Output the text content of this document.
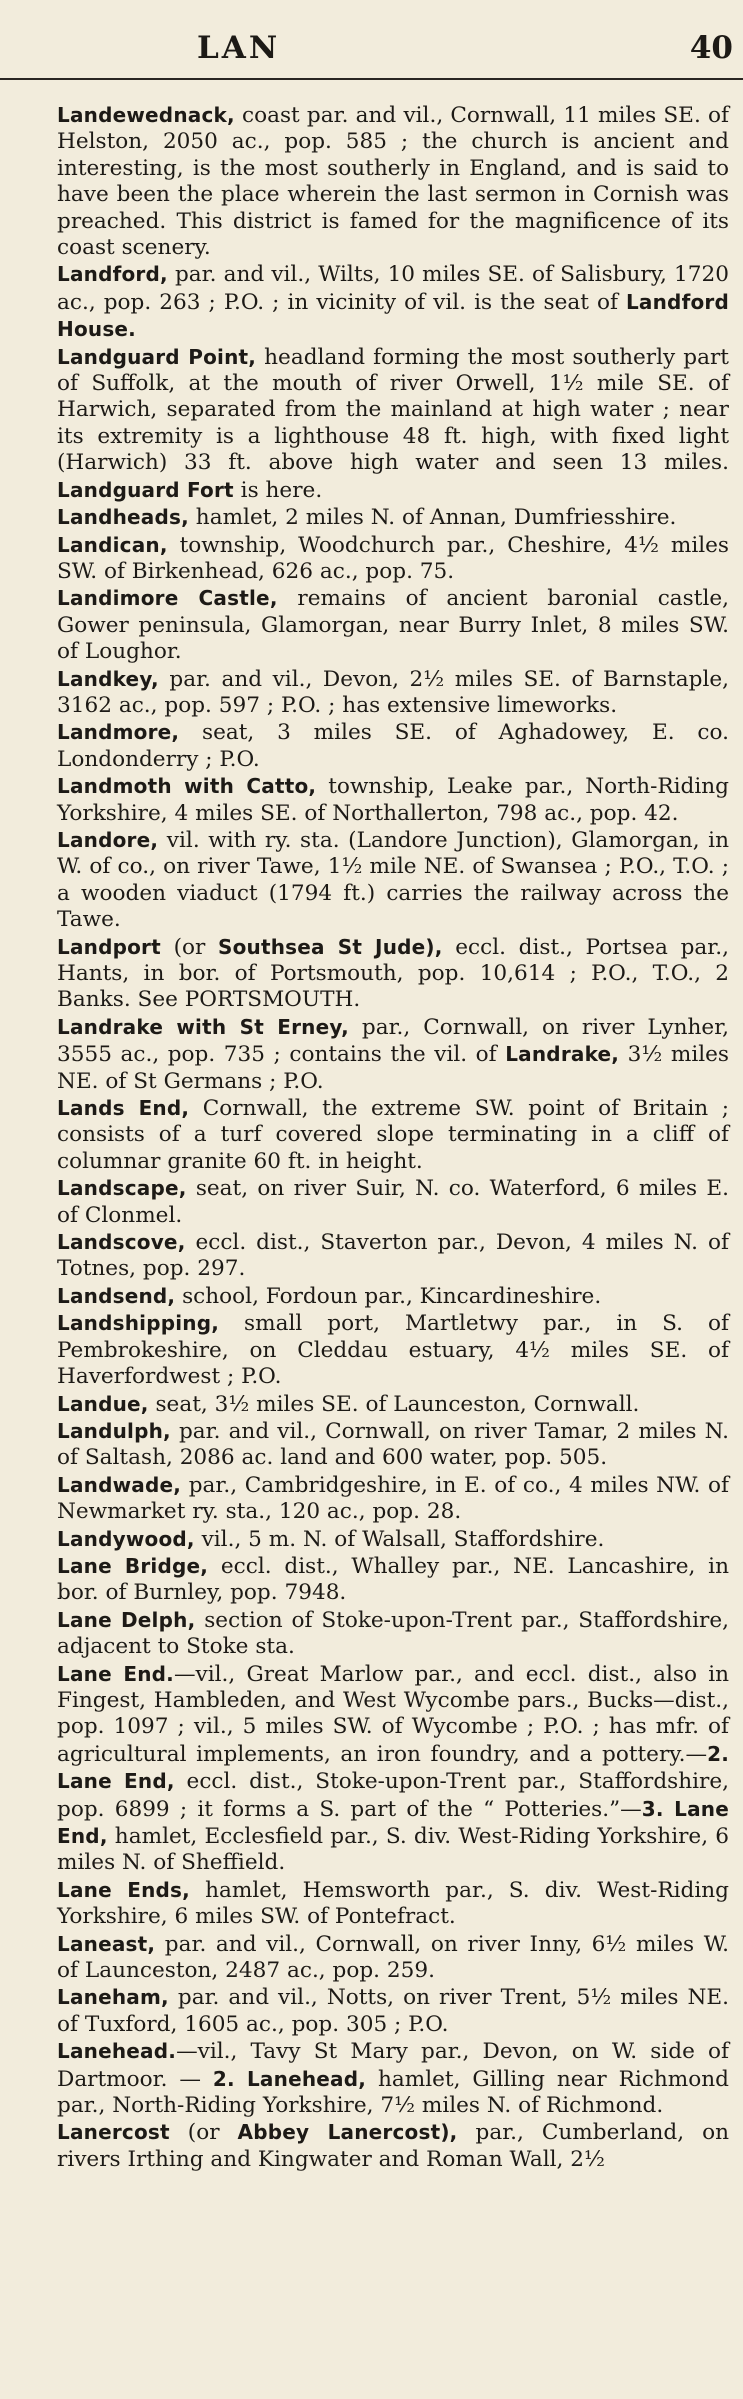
LAN	40
Landewednack, coast par. and vil., Cornwall, 11 miles SE. of Helston, 2050 ac., pop. 585 ; the church is ancient and interesting, is the most southerly in England, and is said to have been the place wherein the last sermon in Cornish was preached. This district is famed for the magnificence of its coast scenery.
Landford, par. and vil., Wilts, 10 miles SE. of Salisbury, 1720 ac., pop. 263 ; P.O. ; in vicinity of vil. is the seat of Landford House.
Landguard Point, headland forming the most southerly part of Suffolk, at the mouth of river Orwell, 1½ mile SE. of Harwich, separated from the mainland at high water ; near its extremity is a lighthouse 48 ft. high, with fixed light (Harwich) 33 ft. above high water and seen 13 miles. Landguard Fort is here.
Landheads, hamlet, 2 miles N. of Annan, Dumfriesshire.
Landican, township, Woodchurch par., Cheshire, 4½ miles SW. of Birkenhead, 626 ac., pop. 75.
Landimore Castle, remains of ancient baronial castle, Gower peninsula, Glamorgan, near Burry Inlet, 8 miles SW. of Loughor.
Landkey, par. and vil., Devon, 2½ miles SE. of Barnstaple, 3162 ac., pop. 597 ; P.O. ; has extensive limeworks.
Landmore, seat, 3 miles SE. of Aghadowey, E. co. Londonderry ; P.O.
Landmoth with Catto, township, Leake par., North-Riding Yorkshire, 4 miles SE. of Northallerton, 798 ac., pop. 42.
Landore, vil. with ry. sta. (Landore Junction), Glamorgan, in W. of co., on river Tawe, 1½ mile NE. of Swansea ; P.O., T.O. ; a wooden viaduct (1794 ft.) carries the railway across the Tawe.
Landport (or Southsea St Jude), eccl. dist., Portsea par., Hants, in bor. of Portsmouth, pop. 10,614 ; P.O., T.O., 2 Banks. See PORTSMOUTH.
Landrake with St Erney, par., Cornwall, on river Lynher, 3555 ac., pop. 735 ; contains the vil. of Landrake, 3½ miles NE. of St Germans ; P.O.
Lands End, Cornwall, the extreme SW. point of Britain ; consists of a turf covered slope terminating in a cliff of columnar granite 60 ft. in height.
Landscape, seat, on river Suir, N. co. Waterford, 6 miles E. of Clonmel.
Landscove, eccl. dist., Staverton par., Devon, 4 miles N. of Totnes, pop. 297.
Landsend, school, Fordoun par., Kincardineshire.
Landshipping, small port, Martletwy par., in S. of Pembrokeshire, on Cleddau estuary, 4½ miles SE. of Haverfordwest ; P.O.
Landue, seat, 3½ miles SE. of Launceston, Cornwall.
Landulph, par. and vil., Cornwall, on river Tamar, 2 miles N. of Saltash, 2086 ac. land and 600 water, pop. 505.
Landwade, par., Cambridgeshire, in E. of co., 4 miles NW. of Newmarket ry. sta., 120 ac., pop. 28.
Landywood, vil., 5 m. N. of Walsall, Staffordshire.
Lane Bridge, eccl. dist., Whalley par., NE. Lancashire, in bor. of Burnley, pop. 7948.
Lane Delph, section of Stoke-upon-Trent par., Staffordshire, adjacent to Stoke sta.
Lane End.—vil., Great Marlow par., and eccl. dist., also in Fingest, Hambleden, and West Wycombe pars., Bucks—dist., pop. 1097 ; vil., 5 miles SW. of Wycombe ; P.O. ; has mfr. of agricultural implements, an iron foundry, and a pottery.—2. Lane End, eccl. dist., Stoke-upon-Trent par., Staffordshire, pop. 6899 ; it forms a S. part of the “ Potteries.”—3. Lane End, hamlet, Ecclesfield par., S. div. West-Riding Yorkshire, 6 miles N. of Sheffield.
Lane Ends, hamlet, Hemsworth par., S. div. West-Riding Yorkshire, 6 miles SW. of Pontefract.
Laneast, par. and vil., Cornwall, on river Inny, 6½ miles W. of Launceston, 2487 ac., pop. 259.
Laneham, par. and vil., Notts, on river Trent, 5½ miles NE. of Tuxford, 1605 ac., pop. 305 ; P.O.
Lanehead.—vil., Tavy St Mary par., Devon, on W. side of Dartmoor. — 2. Lanehead, hamlet, Gilling near Richmond par., North-Riding Yorkshire, 7½ miles N. of Richmond.
Lanercost (or Abbey Lanercost), par., Cumberland, on rivers Irthing and Kingwater and Roman Wall, 2½
